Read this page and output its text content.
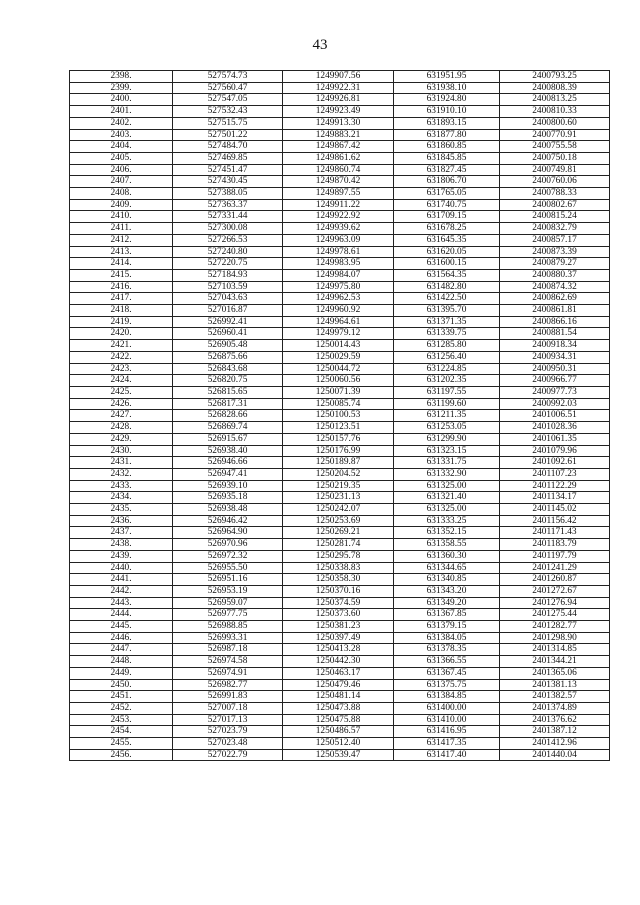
43
2398.	527574.73	1249907.56	631951.95	2400793.25
2399.	527560.47	1249922.31	631938.10	2400808.39
2400.	527547.05	1249926.81	631924.80	2400813.25
2401.	527532.43	1249923.49	631910.10	2400810.33
2402.	527515.75	1249913.30	631893.15	2400800.60
2403.	527501.22	1249883.21	631877.80	2400770.91
2404.	527484.70	1249867.42	631860.85	2400755.58
2405.	527469.85	1249861.62	631845.85	2400750.18
2406.	527451.47	1249860.74	631827.45	2400749.81
2407.	527430.45	1249870.42	631806.70	2400760.06
2408.	527388.05	1249897.55	631765.05	2400788.33
2409.	527363.37	1249911.22	631740.75	2400802.67
2410.	527331.44	1249922.92	631709.15	2400815.24
2411.	527300.08	1249939.62	631678.25	2400832.79
2412.	527266.53	1249963.09	631645.35	2400857.17
2413.	527240.80	1249978.61	631620.05	2400873.39
2414.	527220.75	1249983.95	631600.15	2400879.27
2415.	527184.93	1249984.07	631564.35	2400880.37
2416.	527103.59	1249975.80	631482.80	2400874.32
2417.	527043.63	1249962.53	631422.50	2400862.69
2418.	527016.87	1249960.92	631395.70	2400861.81
2419.	526992.41	1249964.61	631371.35	2400866.16
2420.	526960.41	1249979.12	631339.75	2400881.54
2421.	526905.48	1250014.43	631285.80	2400918.34
2422.	526875.66	1250029.59	631256.40	2400934.31
2423.	526843.68	1250044.72	631224.85	2400950.31
2424.	526820.75	1250060.56	631202.35	2400966.77
2425.	526815.65	1250071.39	631197.55	2400977.73
2426.	526817.31	1250085.74	631199.60	2400992.03
2427.	526828.66	1250100.53	631211.35	2401006.51
2428.	526869.74	1250123.51	631253.05	2401028.36
2429.	526915.67	1250157.76	631299.90	2401061.35
2430.	526938.40	1250176.99	631323.15	2401079.96
2431.	526946.66	1250189.87	631331.75	2401092.61
2432.	526947.41	1250204.52	631332.90	2401107.23
2433.	526939.10	1250219.35	631325.00	2401122.29
2434.	526935.18	1250231.13	631321.40	2401134.17
2435.	526938.48	1250242.07	631325.00	2401145.02
2436.	526946.42	1250253.69	631333.25	2401156.42
2437.	526964.90	1250269.21	631352.15	2401171.43
2438.	526970.96	1250281.74	631358.55	2401183.79
2439.	526972.32	1250295.78	631360.30	2401197.79
2440.	526955.50	1250338.83	631344.65	2401241.29
2441.	526951.16	1250358.30	631340.85	2401260.87
2442.	526953.19	1250370.16	631343.20	2401272.67
2443.	526959.07	1250374.59	631349.20	2401276.94
2444.	526977.75	1250373.60	631367.85	2401275.44
2445.	526988.85	1250381.23	631379.15	2401282.77
2446.	526993.31	1250397.49	631384.05	2401298.90
2447.	526987.18	1250413.28	631378.35	2401314.85
2448.	526974.58	1250442.30	631366.55	2401344.21
2449.	526974.91	1250463.17	631367.45	2401365.06
2450.	526982.77	1250479.46	631375.75	2401381.13
2451.	526991.83	1250481.14	631384.85	2401382.57
2452.	527007.18	1250473.88	631400.00	2401374.89
2453.	527017.13	1250475.88	631410.00	2401376.62
2454.	527023.79	1250486.57	631416.95	2401387.12
2455.	527023.48	1250512.40	631417.35	2401412.96
2456.	527022.79	1250539.47	631417.40	2401440.04
